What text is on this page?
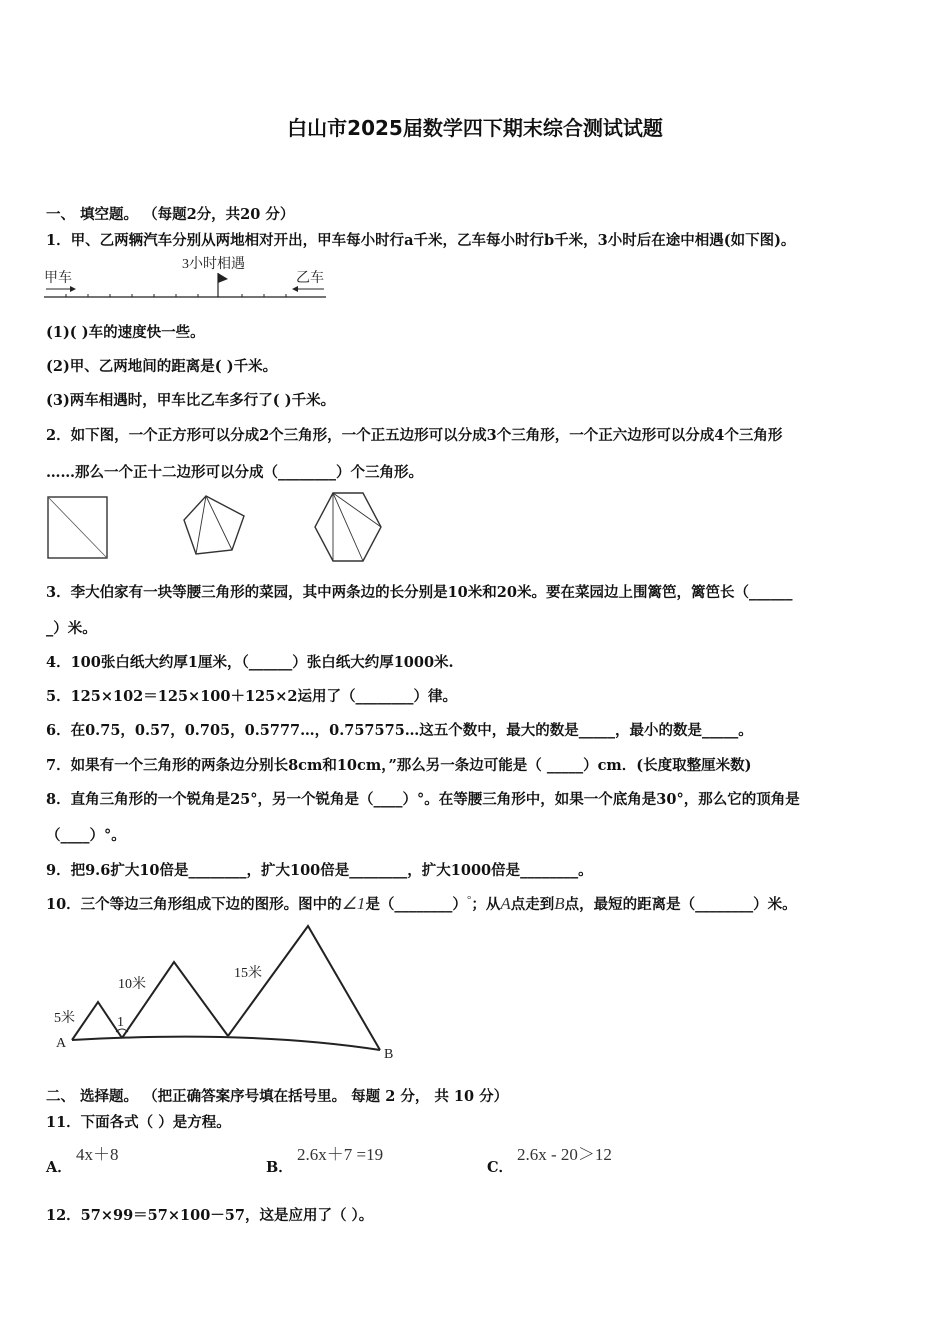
白山市2025届数学四下期末综合测试试题
一、 填空题。 （每题2分，共20 分）
1．甲、乙两辆汽车分别从两地相对开出，甲车每小时行a千米，乙车每小时行b千米，3小时后在途中相遇(如下图)。
甲车
3小时相遇
乙车
(1)( )车的速度快一些。
(2)甲、乙两地间的距离是( )千米。
(3)两车相遇时，甲车比乙车多行了( )千米。
2．如下图，一个正方形可以分成2个三角形，一个正五边形可以分成3个三角形，一个正六边形可以分成4个三角形
……那么一个正十二边形可以分成（________）个三角形。
3．李大伯家有一块等腰三角形的菜园，其中两条边的长分别是10米和20米。要在菜园边上围篱笆，篱笆长（______
_）米。
4．100张白纸大约厚1厘米，（______）张白纸大约厚1000米.
5．125×102＝125×100＋125×2运用了（________）律。
6．在0.75，0.57，0.705，0.5777…，0.757575…这五个数中，最大的数是_____，最小的数是_____。
7．如果有一个三角形的两条边分别长8cm和10cm，”那么另一条边可能是（ _____）cm．(长度取整厘米数)
8．直角三角形的一个锐角是25°，另一个锐角是（____）°。在等腰三角形中，如果一个底角是30°，那么它的顶角是
（____）°。
9．把9.6扩大10倍是________，扩大100倍是________，扩大1000倍是________。
10．三个等边三角形组成下边的图形。图中的∠1是（________）°；从A点走到B点，最短的距离是（________）米。
5米
10米
15米
1
A
B
二、 选择题。 （把正确答案序号填在括号里。 每题 2 分， 共 10 分）
11．下面各式（ ）是方程。
A．
4x＋8
B．
2.6x＋7 =19
C．
2.6x - 20＞12
12．57×99＝57×100－57，这是应用了（ ）。
